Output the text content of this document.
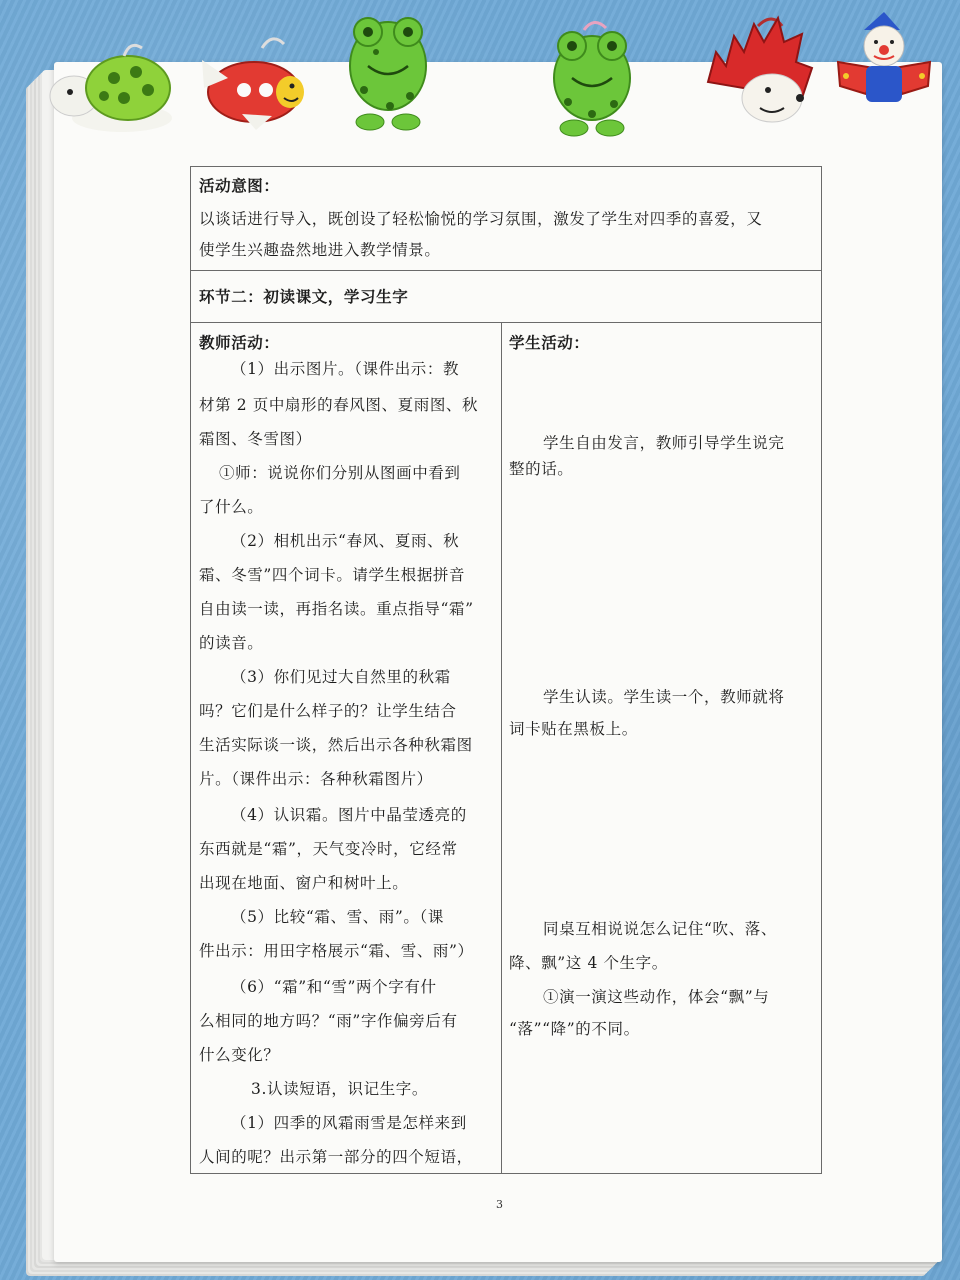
活动意图：
以谈话进行导入，既创设了轻松愉悦的学习氛围，激发了学生对四季的喜爱，又
使学生兴趣盎然地进入教学情景。
环节二：初读课文，学习生字
教师活动：
（1）出示图片。（课件出示：教
材第 2 页中扇形的春风图、夏雨图、秋
霜图、冬雪图）
①师：说说你们分别从图画中看到
了什么。
（2）相机出示“春风、夏雨、秋
霜、冬雪”四个词卡。请学生根据拼音
自由读一读，再指名读。重点指导“霜”
的读音。
（3）你们见过大自然里的秋霜
吗？它们是什么样子的？让学生结合
生活实际谈一谈，然后出示各种秋霜图
片。（课件出示：各种秋霜图片）
（4）认识霜。图片中晶莹透亮的
东西就是“霜”，天气变冷时，它经常
出现在地面、窗户和树叶上。
（5）比较“霜、雪、雨”。（课
件出示：用田字格展示“霜、雪、雨”）
（6）“霜”和“雪”两个字有什
么相同的地方吗？“雨”字作偏旁后有
什么变化？
3.认读短语，识记生字。
（1）四季的风霜雨雪是怎样来到
人间的呢？出示第一部分的四个短语，
学生活动：
学生自由发言，教师引导学生说完
整的话。
学生认读。学生读一个，教师就将
词卡贴在黑板上。
同桌互相说说怎么记住“吹、落、
降、飘”这 4 个生字。
①演一演这些动作，体会“飘”与
“落”“降”的不同。
3
